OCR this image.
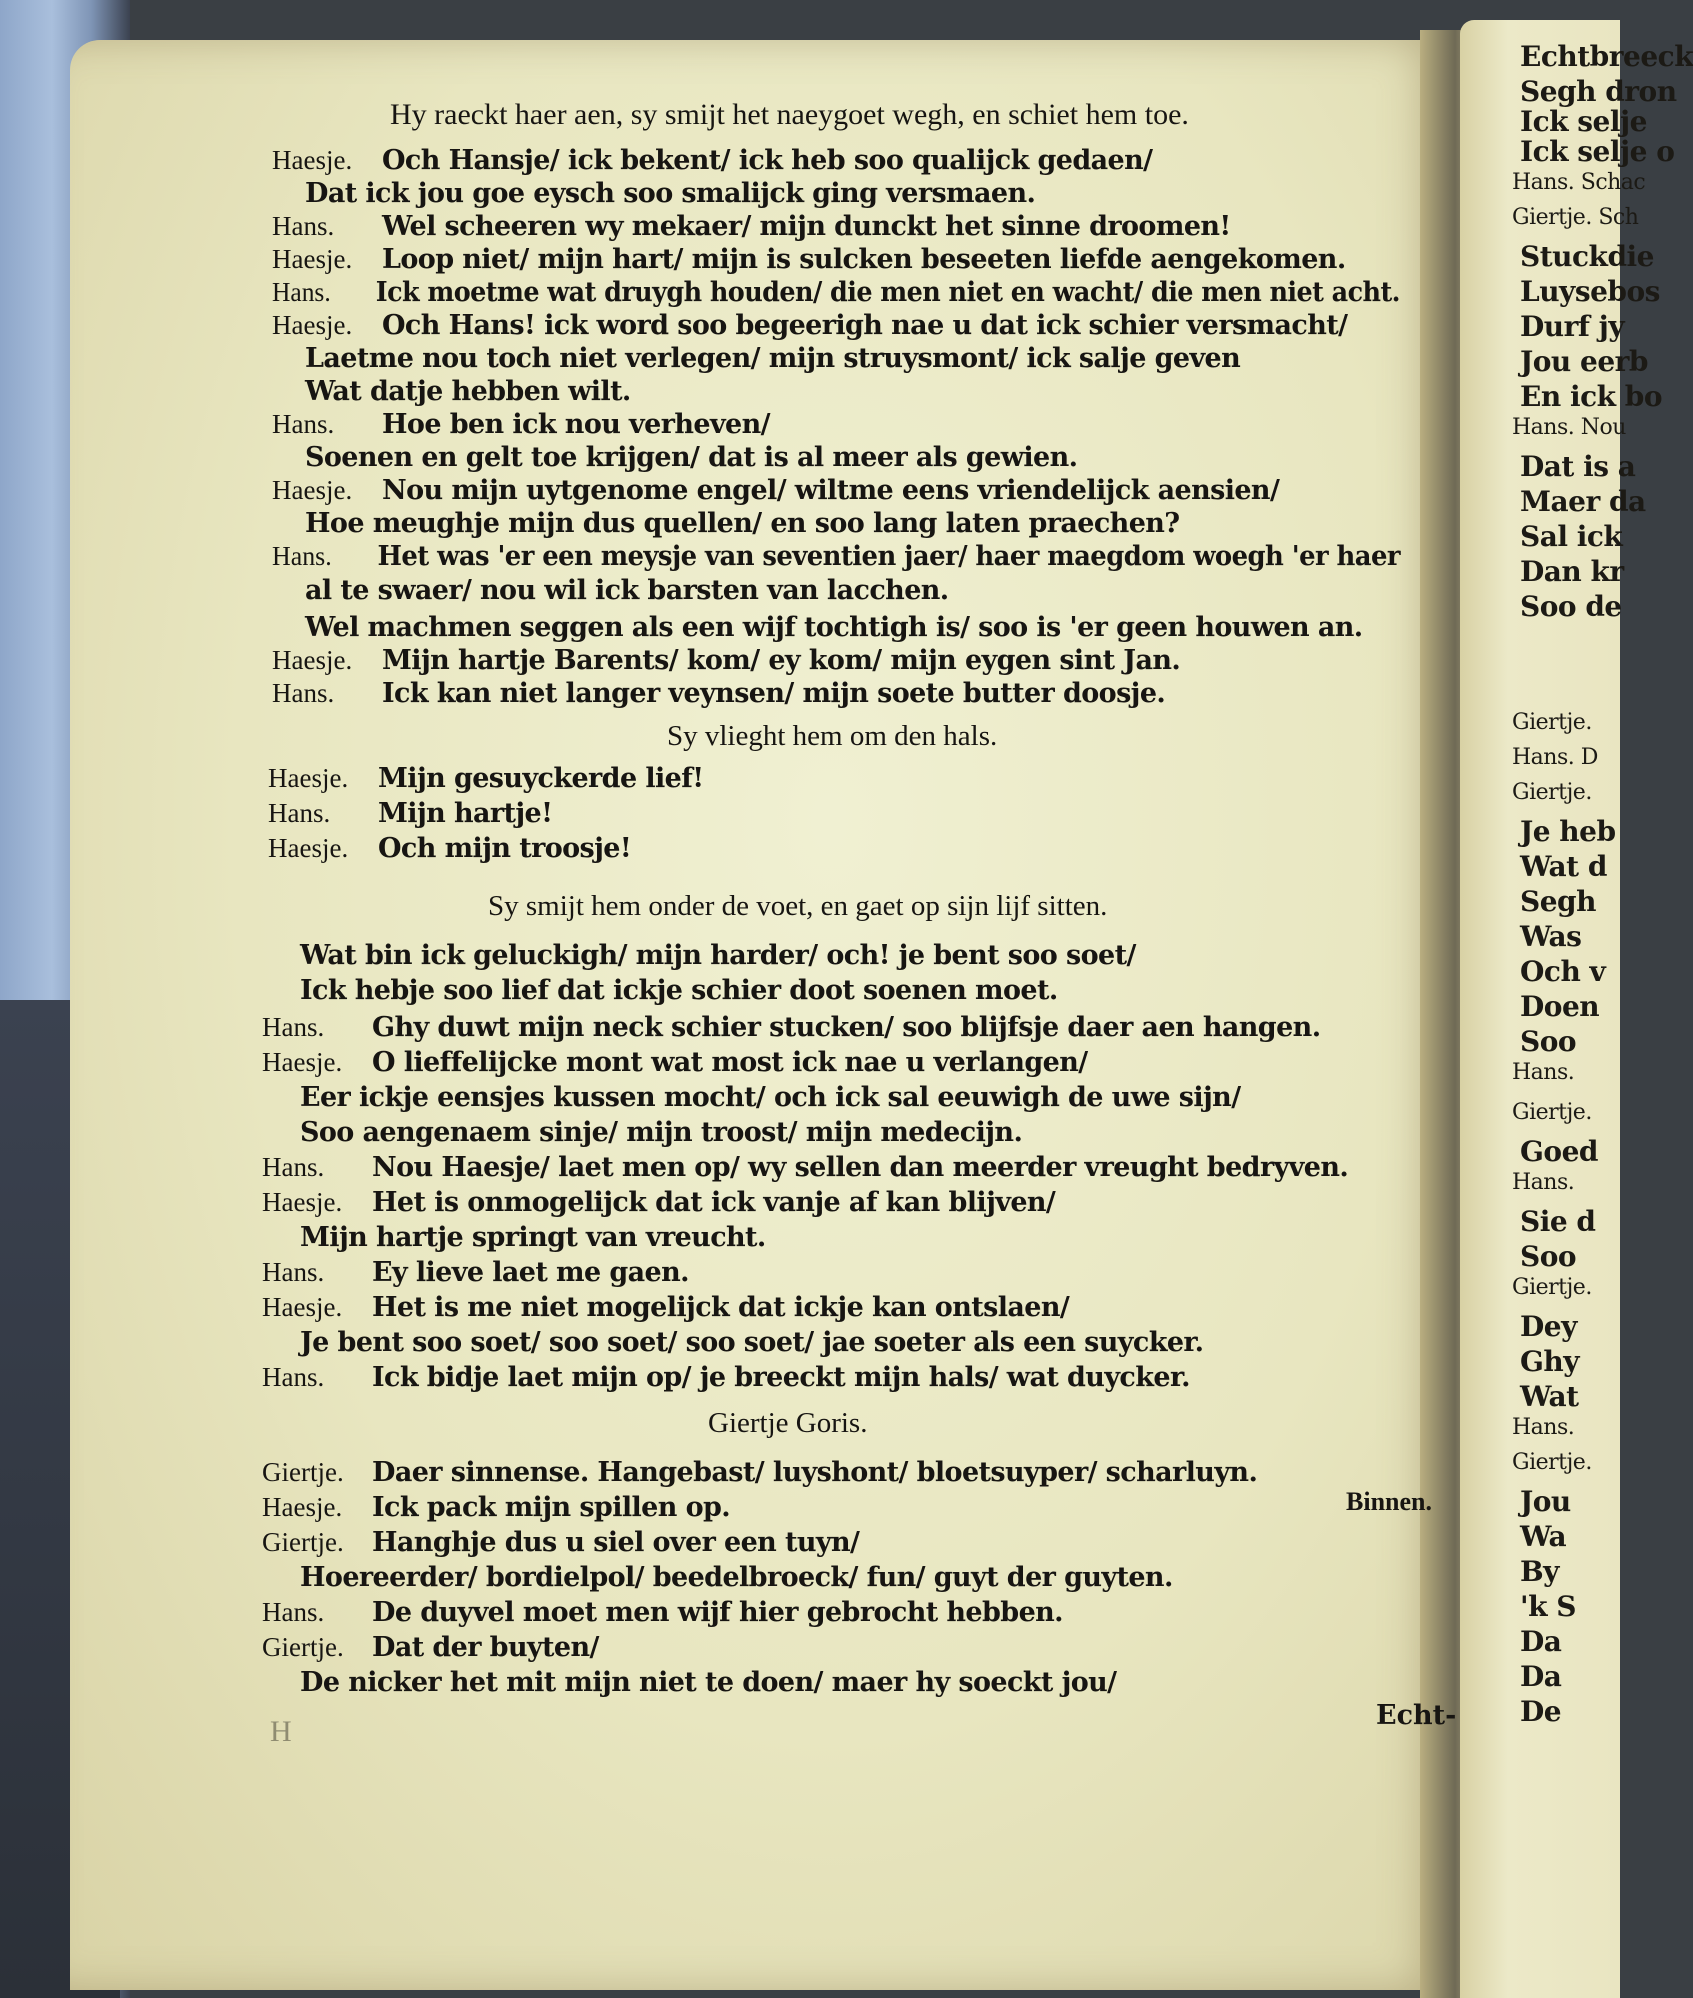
Echtbreeck
Segh dron
Ick selje
Ick selje o
Hans. Schac
Giertje. Sch
Stuckdie
Luysebos
Durf jy
Jou eerb
En ick bo
Hans. Nou
Dat is a
Maer da
Sal ick
Dan kr
Soo de
Giertje.
Hans. D
Giertje.
Je heb
Wat d
Segh
Was
Och v
Doen
Soo
Hans.
Giertje.
Goed
Hans.
Sie d
Soo
Giertje.
Dey
Ghy
Wat
Hans.
Giertje.
Jou
Wa
By
'k S
Da
Da
De
Hy raeckt haer aen, sy smijt het naeygoet wegh, en schiet hem toe.
Haesje. Och Hansje/ ick bekent/ ick heb soo qualijck gedaen/
Dat ick jou goe eysch soo smalijck ging versmaen.
Hans. Wel scheeren wy mekaer/ mijn dunckt het sinne droomen!
Haesje. Loop niet/ mijn hart/ mijn is sulcken beseeten liefde aengekomen.
Hans. Ick moetme wat druygh houden/ die men niet en wacht/ die men niet acht.
Haesje. Och Hans! ick word soo begeerigh nae u dat ick schier versmacht/
Laetme nou toch niet verlegen/ mijn struysmont/ ick salje geven
Wat datje hebben wilt.
Hans. Hoe ben ick nou verheven/
Soenen en gelt toe krijgen/ dat is al meer als gewien.
Haesje. Nou mijn uytgenome engel/ wiltme eens vriendelijck aensien/
Hoe meughje mijn dus quellen/ en soo lang laten praechen?
Hans. Het was 'er een meysje van seventien jaer/ haer maegdom woegh 'er haer
al te swaer/ nou wil ick barsten van lacchen.
Wel machmen seggen als een wijf tochtigh is/ soo is 'er geen houwen an.
Haesje. Mijn hartje Barents/ kom/ ey kom/ mijn eygen sint Jan.
Hans. Ick kan niet langer veynsen/ mijn soete butter doosje.
Haesje. Mijn gesuyckerde lief!
Hans. Mijn hartje!
Haesje. Och mijn troosje!
Wat bin ick geluckigh/ mijn harder/ och! je bent soo soet/
Ick hebje soo lief dat ickje schier doot soenen moet.
Hans. Ghy duwt mijn neck schier stucken/ soo blijfsje daer aen hangen.
Haesje. O lieffelijcke mont wat most ick nae u verlangen/
Eer ickje eensjes kussen mocht/ och ick sal eeuwigh de uwe sijn/
Soo aengenaem sinje/ mijn troost/ mijn medecijn.
Hans. Nou Haesje/ laet men op/ wy sellen dan meerder vreught bedryven.
Haesje. Het is onmogelijck dat ick vanje af kan blijven/
Mijn hartje springt van vreucht.
Hans. Ey lieve laet me gaen.
Haesje. Het is me niet mogelijck dat ickje kan ontslaen/
Je bent soo soet/ soo soet/ soo soet/ jae soeter als een suycker.
Hans. Ick bidje laet mijn op/ je breeckt mijn hals/ wat duycker.
Giertje. Daer sinnense. Hangebast/ luyshont/ bloetsuyper/ scharluyn.
Haesje. Ick pack mijn spillen op.
Giertje. Hanghje dus u siel over een tuyn/
Hoereerder/ bordielpol/ beedelbroeck/ fun/ guyt der guyten.
Hans. De duyvel moet men wijf hier gebrocht hebben.
Giertje. Dat der buyten/
De nicker het mit mijn niet te doen/ maer hy soeckt jou/
Sy vlieght hem om den hals.
Sy smijt hem onder de voet, en gaet op sijn lijf sitten.
Giertje Goris.
Binnen.
Echt-
H
